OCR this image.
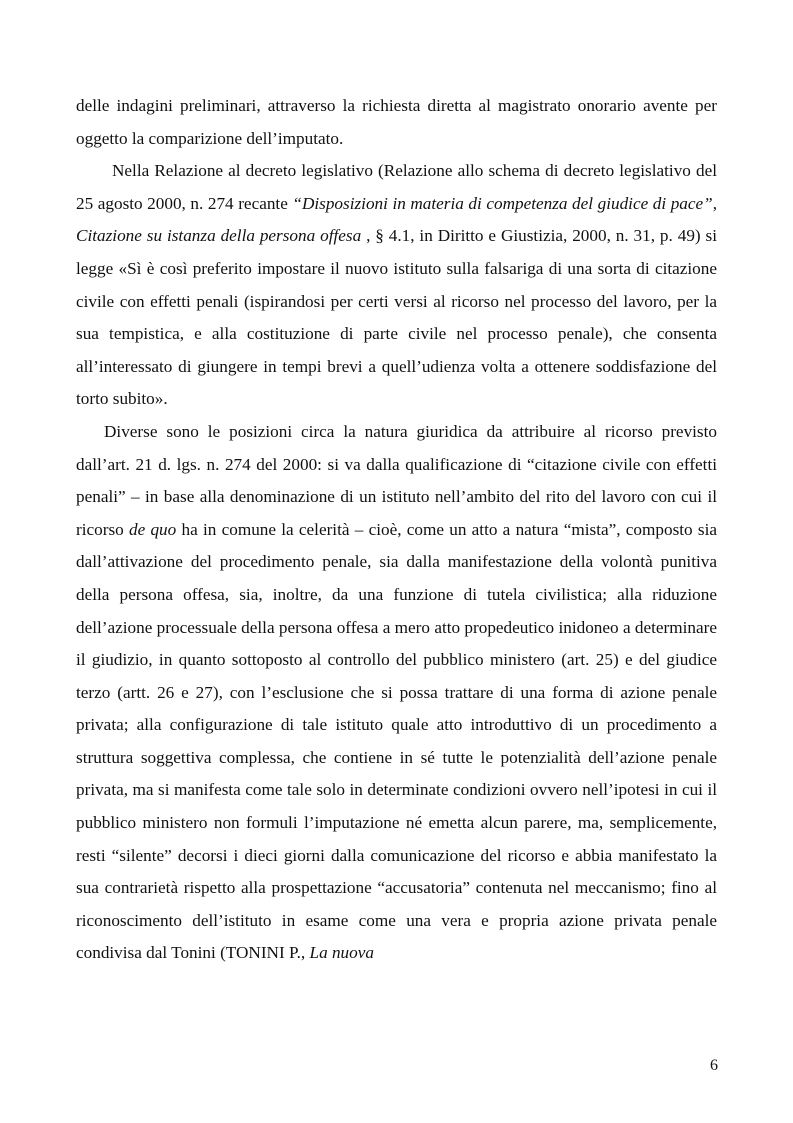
delle indagini preliminari, attraverso la richiesta diretta al magistrato onorario avente per oggetto la comparizione dell’imputato.

Nella Relazione al decreto legislativo (Relazione allo schema di decreto legislativo del 25 agosto 2000, n. 274 recante “Disposizioni in materia di competenza del giudice di pace”, Citazione su istanza della persona offesa , § 4.1, in Diritto e Giustizia, 2000, n. 31, p. 49) si legge «Sì è così preferito impostare il nuovo istituto sulla falsariga di una sorta di citazione civile con effetti penali (ispirandosi per certi versi al ricorso nel processo del lavoro, per la sua tempistica, e alla costituzione di parte civile nel processo penale), che consenta all’interessato di giungere in tempi brevi a quell’udienza volta a ottenere soddisfazione del torto subito».

Diverse sono le posizioni circa la natura giuridica da attribuire al ricorso previsto dall’art. 21 d. lgs. n. 274 del 2000: si va dalla qualificazione di “citazione civile con effetti penali” – in base alla denominazione di un istituto nell’ambito del rito del lavoro con cui il ricorso de quo ha in comune la celerità – cioè, come un atto a natura “mista”, composto sia dall’attivazione del procedimento penale, sia dalla manifestazione della volontà punitiva della persona offesa, sia, inoltre, da una funzione di tutela civilistica; alla riduzione dell’azione processuale della persona offesa a mero atto propedeutico inidoneo a determinare il giudizio, in quanto sottoposto al controllo del pubblico ministero (art. 25) e del giudice terzo (artt. 26 e 27), con l’esclusione che si possa trattare di una forma di azione penale privata; alla configurazione di tale istituto quale atto introduttivo di un procedimento a struttura soggettiva complessa, che contiene in sé tutte le potenzialità dell’azione penale privata, ma si manifesta come tale solo in determinate condizioni ovvero nell’ipotesi in cui il pubblico ministero non formuli l’imputazione né emetta alcun parere, ma, semplicemente, resti “silente” decorsi i dieci giorni dalla comunicazione del ricorso e abbia manifestato la sua contrarietà rispetto alla prospettazione “accusatoria” contenuta nel meccanismo; fino al riconoscimento dell’istituto in esame come una vera e propria azione privata penale condivisa dal Tonini (TONINI P., La nuova

6
